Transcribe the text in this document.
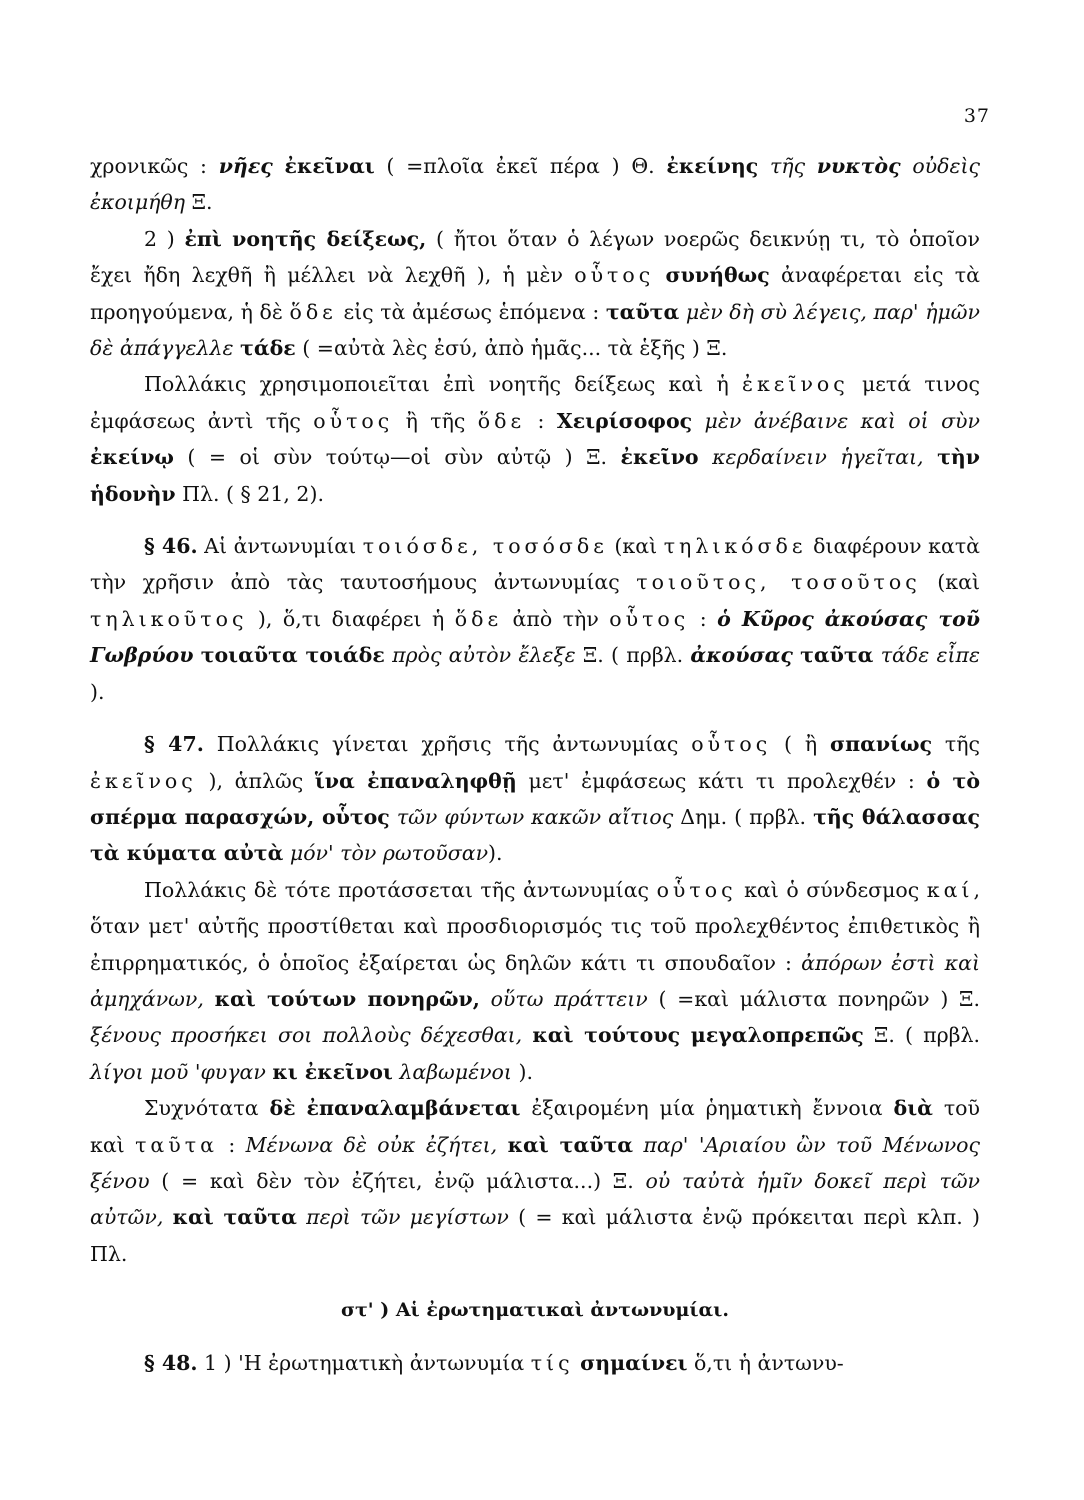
37

χρονικῶς : νῆες ἐκεῖναι ( =πλοῖα ἐκεῖ πέρα ) Θ. ἐκείνης τῆς νυκτὸς οὐδεὶς ἐκοιμήθη Ξ.

2 ) ἐπὶ νοητῆς δείξεως, ( ἤτοι ὅταν ὁ λέγων νοερῶς δεικνύῃ τι, τὸ ὁποῖον ἔχει ἤδη λεχθῆ ἢ μέλλει νὰ λεχθῆ ), ἡ μὲν οὗτος συνήθως ἀναφέρεται εἰς τὰ προηγούμενα, ἡ δὲ ὅδε εἰς τὰ ἀμέσως ἑπόμενα : ταῦτα μὲν δὴ σὺ λέγεις, παρ' ἡμῶν δὲ ἀπάγγελλε τάδε ( =αὐτὰ λὲς ἐσύ, ἀπὸ ἡμᾶς... τὰ ἑξῆς ) Ξ.

Πολλάκις χρησιμοποιεῖται ἐπὶ νοητῆς δείξεως καὶ ἡ ἐκεῖνος μετά τινος ἐμφάσεως ἀντὶ τῆς οὗτος ἢ τῆς ὅδε : Χειρίσοφος μὲν ἀνέβαινε καὶ οἱ σὺν ἐκείνῳ ( = οἱ σὺν τούτῳ—οἱ σὺν αὐτῷ ) Ξ. ἐκεῖνο κερδαίνειν ἡγεῖται, τὴν ἡδονὴν Πλ. ( § 21, 2).

§ 46. Αἱ ἀντωνυμίαι τοιόσδε, τοσόσδε (καὶ τηλικόσδε διαφέρουν κατὰ τὴν χρῆσιν ἀπὸ τὰς ταυτοσήμους ἀντωνυμίας τοιοῦτος, τοσοῦτος (καὶ τηλικοῦτος ), ὅ,τι διαφέρει ἡ ὅδε ἀπὸ τὴν οὗτος : ὁ Κῦρος ἀκούσας τοῦ Γωβρύου τοιαῦτα τοιάδε πρὸς αὐτὸν ἔλεξε Ξ. ( πρβλ. ἀκούσας ταῦτα τάδε εἶπε ).

§ 47. Πολλάκις γίνεται χρῆσις τῆς ἀντωνυμίας οὗτος ( ἢ σπανίως τῆς ἐκεῖνος ), ἁπλῶς ἵνα ἐπαναληφθῇ μετ' ἐμφάσεως κάτι τι προλεχθέν : ὁ τὸ σπέρμα παρασχών, οὗτος τῶν φύντων κακῶν αἴτιος Δημ. ( πρβλ. τῆς θάλασσας τὰ κύματα αὐτὰ μόν' τὸν ρωτοῦσαν).

Πολλάκις δὲ τότε προτάσσεται τῆς ἀντωνυμίας οὗτος καὶ ὁ σύνδεσμος καί, ὅταν μετ' αὐτῆς προστίθεται καὶ προσδιορισμός τις τοῦ προλεχθέντος ἐπιθετικὸς ἢ ἐπιρρηματικός, ὁ ὁποῖος ἐξαίρεται ὡς δηλῶν κάτι τι σπουδαῖον : ἀπόρων ἐστὶ καὶ ἀμηχάνων, καὶ τούτων πονηρῶν, οὕτω πράττειν ( =καὶ μάλιστα πονηρῶν ) Ξ. ξένους προσήκει σοι πολλοὺς δέχεσθαι, καὶ τούτους μεγαλοπρεπῶς Ξ. ( πρβλ. λίγοι μοῦ 'φυγαν κι ἐκεῖνοι λαβωμένοι ).

Συχνότατα δὲ ἐπαναλαμβάνεται ἐξαιρομένη μία ῥηματικὴ ἔννοια διὰ τοῦ καὶ ταῦτα : Μένωνα δὲ οὐκ ἐζήτει, καὶ ταῦτα παρ' 'Αριαίου ὢν τοῦ Μένωνος ξένου ( = καὶ δὲν τὸν ἐζήτει, ἐνῷ μάλιστα...) Ξ. οὐ ταὐτὰ ἡμῖν δοκεῖ περὶ τῶν αὐτῶν, καὶ ταῦτα περὶ τῶν μεγίστων ( = καὶ μάλιστα ἐνῷ πρόκειται περὶ κλπ. ) Πλ.

στ' ) Αἱ ἐρωτηματικαὶ ἀντωνυμίαι.

§ 48. 1 ) 'Η ἐρωτηματικὴ ἀντωνυμία τίς σημαίνει ὅ,τι ἡ ἀντωνυ-
